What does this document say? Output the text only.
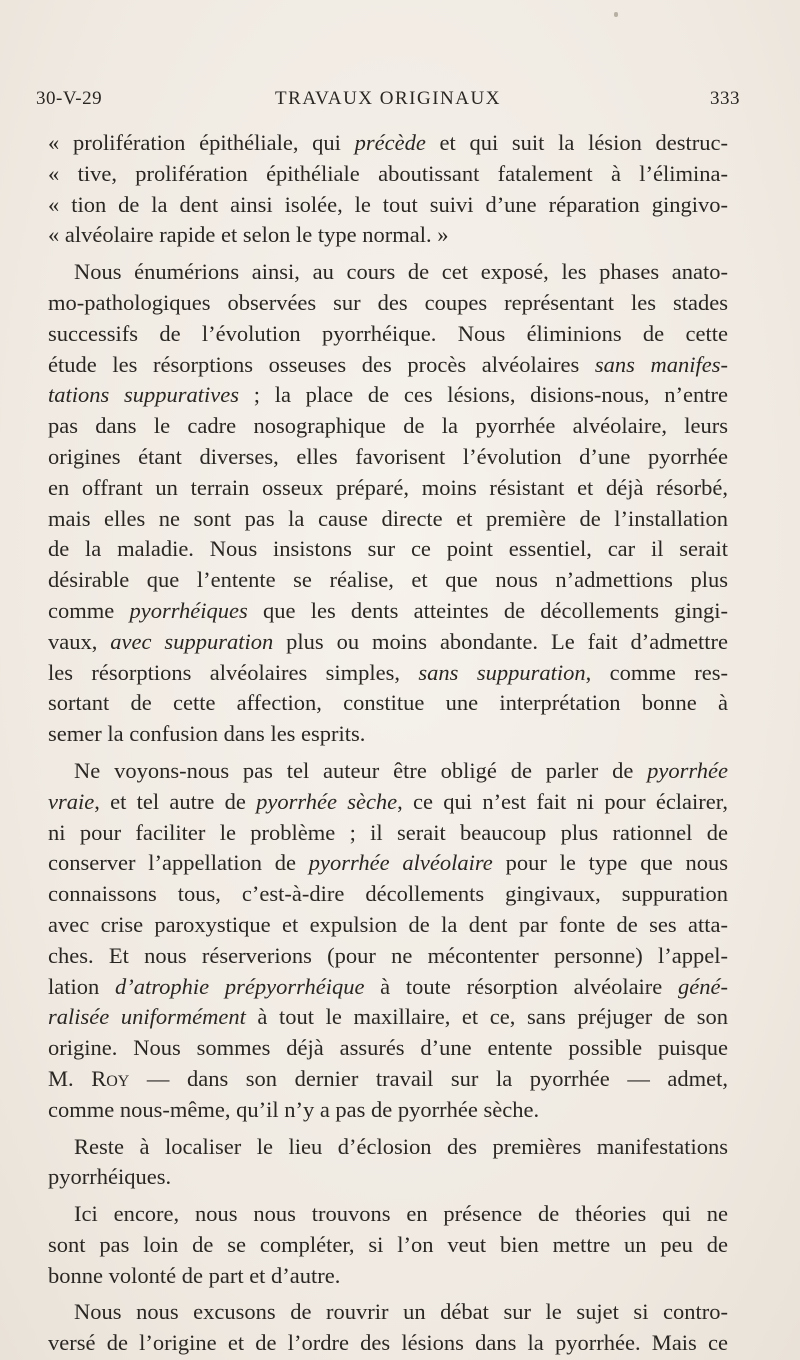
30-V-29	TRAVAUX ORIGINAUX	333
« prolifération épithéliale, qui précède et qui suit la lésion destruc-
« tive, prolifération épithéliale aboutissant fatalement à l’élimina-
« tion de la dent ainsi isolée, le tout suivi d’une réparation gingivo-
« alvéolaire rapide et selon le type normal. »
Nous énumérions ainsi, au cours de cet exposé, les phases anato-
mo-pathologiques observées sur des coupes représentant les stades
successifs de l’évolution pyorrhéique. Nous éliminions de cette
étude les résorptions osseuses des procès alvéolaires sans manifes-
tations suppuratives ; la place de ces lésions, disions-nous, n’entre
pas dans le cadre nosographique de la pyorrhée alvéolaire, leurs
origines étant diverses, elles favorisent l’évolution d’une pyorrhée
en offrant un terrain osseux préparé, moins résistant et déjà résorbé,
mais elles ne sont pas la cause directe et première de l’installation
de la maladie. Nous insistons sur ce point essentiel, car il serait
désirable que l’entente se réalise, et que nous n’admettions plus
comme pyorrhéiques que les dents atteintes de décollements gingi-
vaux, avec suppuration plus ou moins abondante. Le fait d’admettre
les résorptions alvéolaires simples, sans suppuration, comme res-
sortant de cette affection, constitue une interprétation bonne à
semer la confusion dans les esprits.
Ne voyons-nous pas tel auteur être obligé de parler de pyorrhée
vraie, et tel autre de pyorrhée sèche, ce qui n’est fait ni pour éclairer,
ni pour faciliter le problème ; il serait beaucoup plus rationnel de
conserver l’appellation de pyorrhée alvéolaire pour le type que nous
connaissons tous, c’est-à-dire décollements gingivaux, suppuration
avec crise paroxystique et expulsion de la dent par fonte de ses atta-
ches. Et nous réserverions (pour ne mécontenter personne) l’appel-
lation d’atrophie prépyorrhéique à toute résorption alvéolaire géné-
ralisée uniformément à tout le maxillaire, et ce, sans préjuger de son
origine. Nous sommes déjà assurés d’une entente possible puisque
M. Roy — dans son dernier travail sur la pyorrhée — admet,
comme nous-même, qu’il n’y a pas de pyorrhée sèche.
Reste à localiser le lieu d’éclosion des premières manifestations
pyorrhéiques.
Ici encore, nous nous trouvons en présence de théories qui ne
sont pas loin de se compléter, si l’on veut bien mettre un peu de
bonne volonté de part et d’autre.
Nous nous excusons de rouvrir un débat sur le sujet si contro-
versé de l’origine et de l’ordre des lésions dans la pyorrhée. Mais ce
